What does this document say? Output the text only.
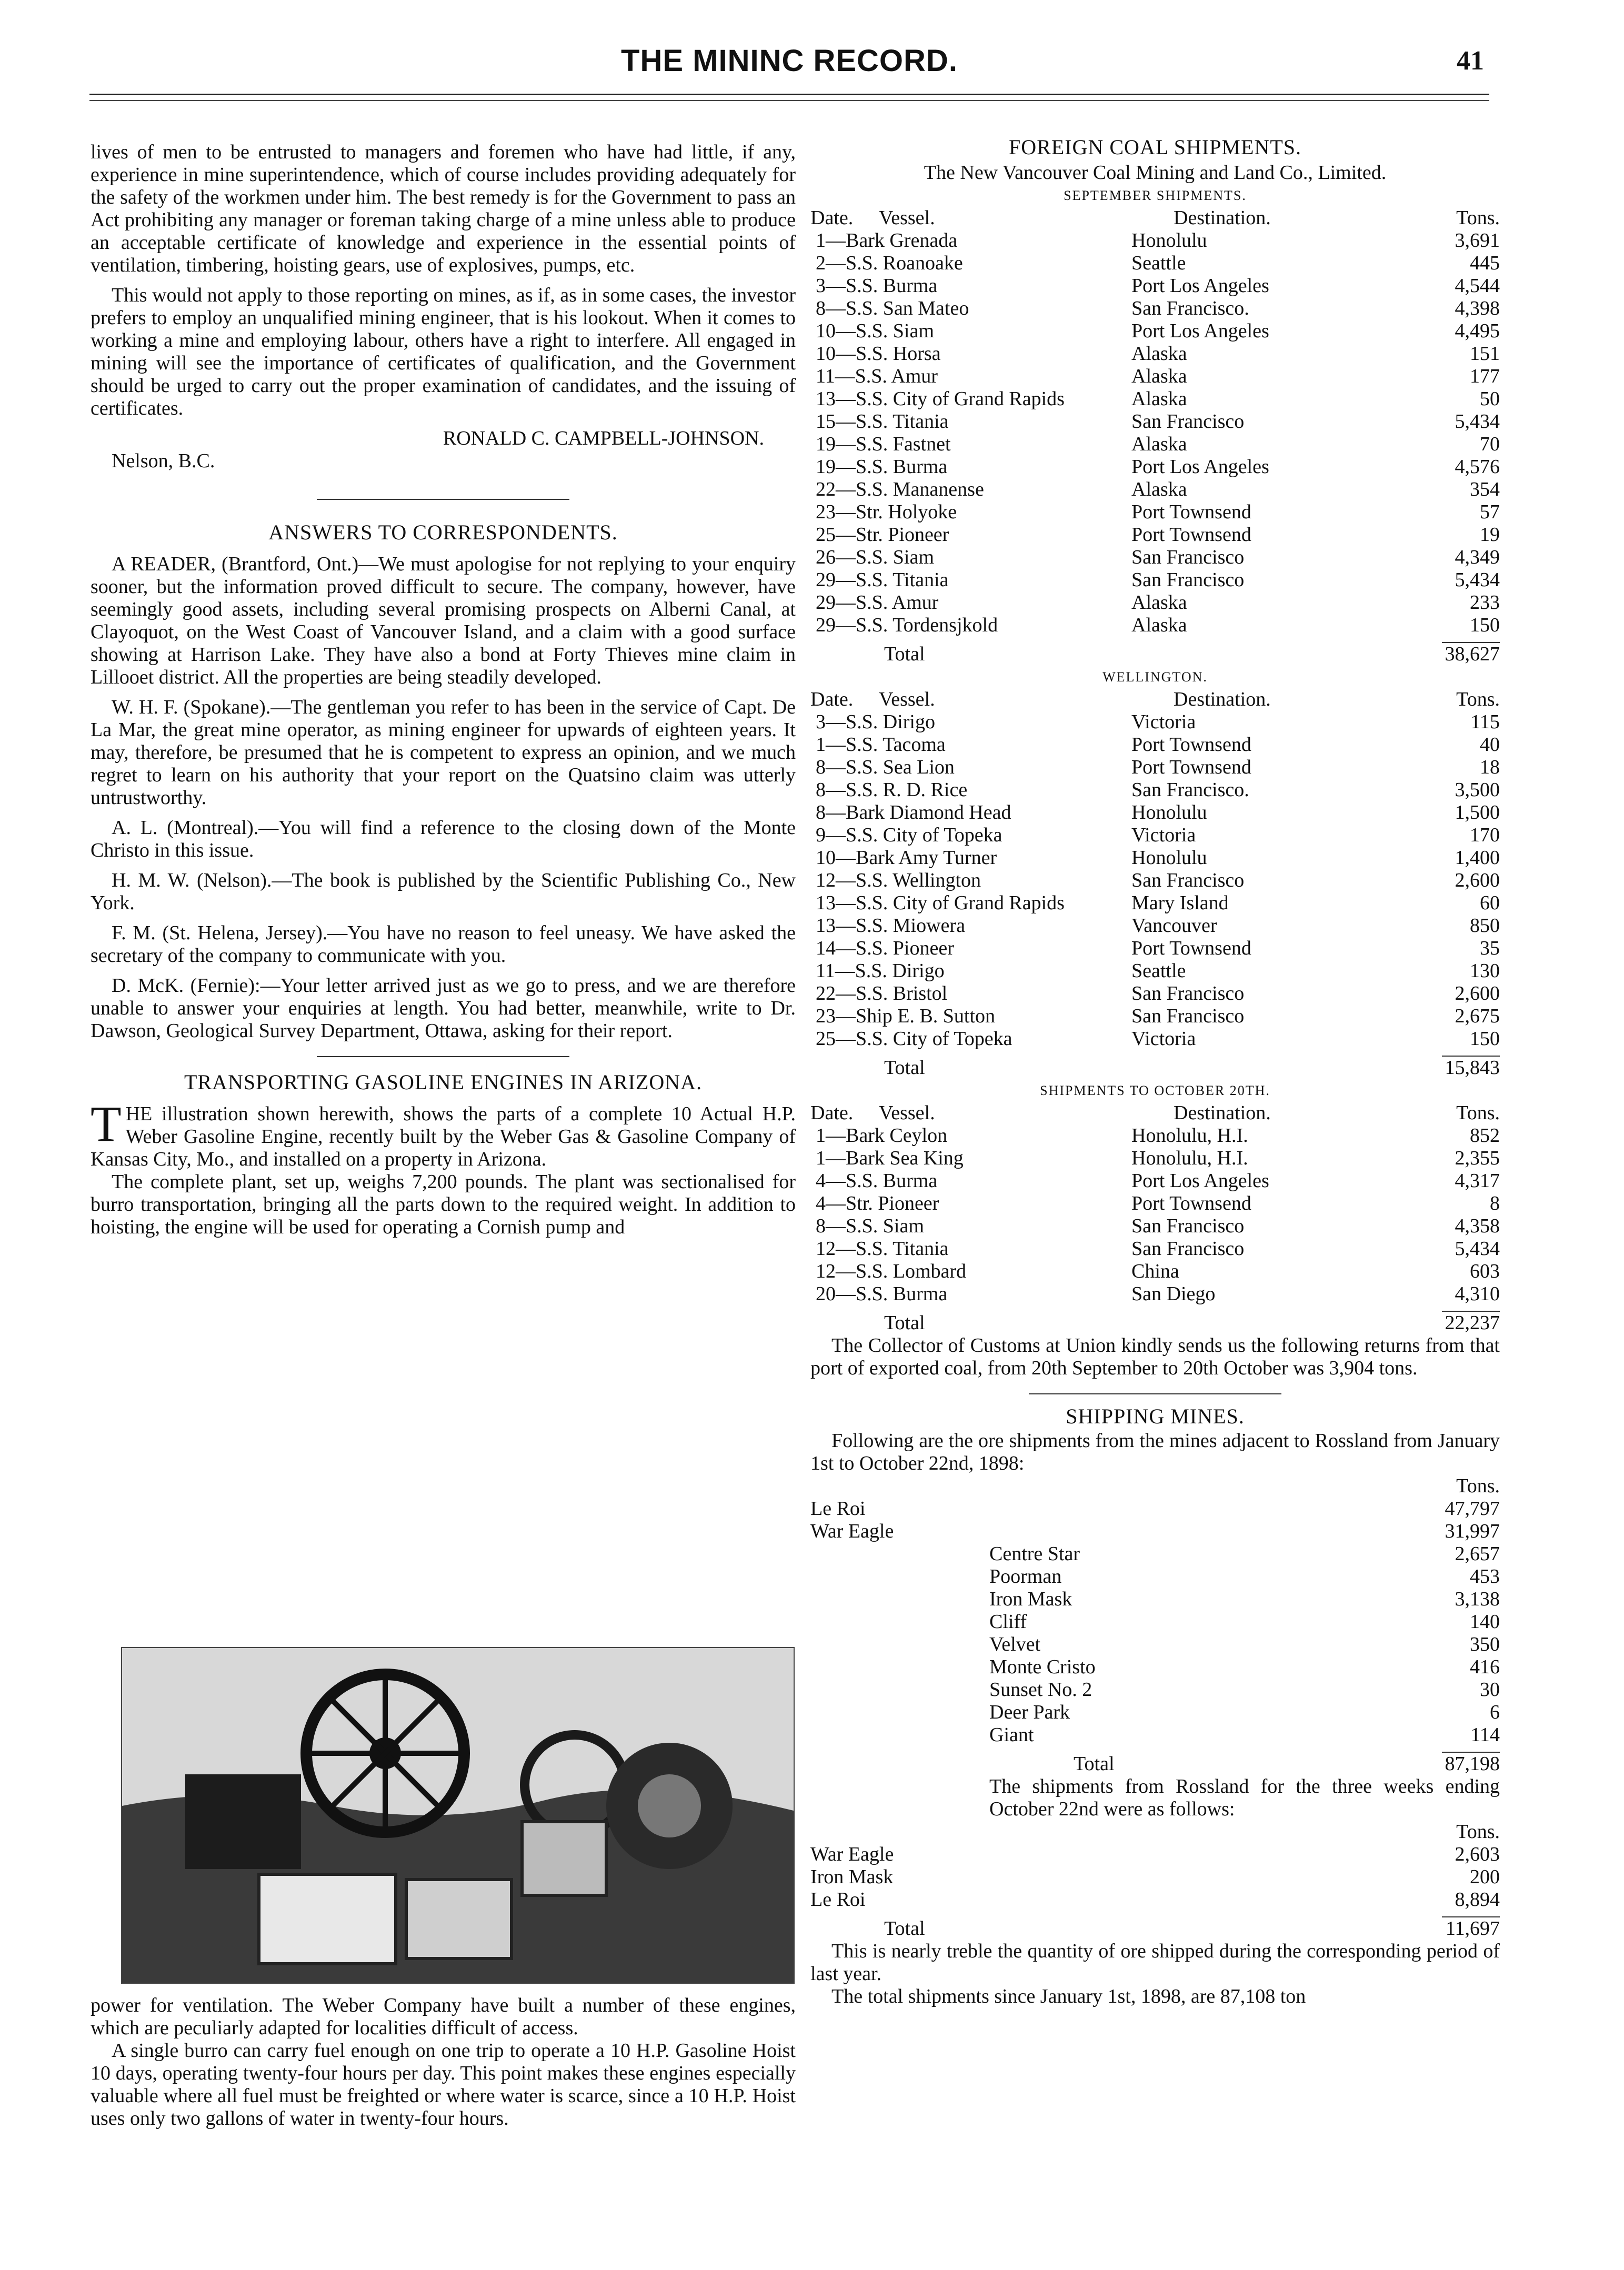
THE MININC RECORD.	41

lives of men to be entrusted to managers and foremen who have had little, if any, experience in mine superintendence, which of course includes providing adequately for the safety of the workmen under him. The best remedy is for the Government to pass an Act prohibiting any manager or foreman taking charge of a mine unless able to produce an acceptable certificate of knowledge and experience in the essential points of ventilation, timbering, hoisting gears, use of explosives, pumps, etc.

This would not apply to those reporting on mines, as if, as in some cases, the investor prefers to employ an unqualified mining engineer, that is his lookout. When it comes to working a mine and employing labour, others have a right to interfere. All engaged in mining will see the importance of certificates of qualification, and the Government should be urged to carry out the proper examination of candidates, and the issuing of certificates.

RONALD C. CAMPBELL-JOHNSON.

Nelson, B.C.

ANSWERS TO CORRESPONDENTS.

A READER, (Brantford, Ont.)—We must apologise for not replying to your enquiry sooner, but the information proved difficult to secure. The company, however, have seemingly good assets, including several promising prospects on Alberni Canal, at Clayoquot, on the West Coast of Vancouver Island, and a claim with a good surface showing at Harrison Lake. They have also a bond at Forty Thieves mine claim in Lillooet district. All the properties are being steadily developed.

W. H. F. (Spokane).—The gentleman you refer to has been in the service of Capt. De La Mar, the great mine operator, as mining engineer for upwards of eighteen years. It may, therefore, be presumed that he is competent to express an opinion, and we much regret to learn on his authority that your report on the Quatsino claim was utterly untrustworthy.

A. L. (Montreal).—You will find a reference to the closing down of the Monte Christo in this issue.

H. M. W. (Nelson).—The book is published by the Scientific Publishing Co., New York.

F. M. (St. Helena, Jersey).—You have no reason to feel uneasy. We have asked the secretary of the company to communicate with you.

D. McK. (Fernie):—Your letter arrived just as we go to press, and we are therefore unable to answer your enquiries at length. You had better, meanwhile, write to Dr. Dawson, Geological Survey Department, Ottawa, asking for their report.

TRANSPORTING GASOLINE ENGINES IN ARIZONA.

THE illustration shown herewith, shows the parts of a complete 10 Actual H.P. Weber Gasoline Engine, recently built by the Weber Gas & Gasoline Company of Kansas City, Mo., and installed on a property in Arizona.

The complete plant, set up, weighs 7,200 pounds. The plant was sectionalised for burro transportation, bringing all the parts down to the required weight. In addition to hoisting, the engine will be used for operating a Cornish pump and

power for ventilation. The Weber Company have built a number of these engines, which are peculiarly adapted for localities difficult of access.

A single burro can carry fuel enough on one trip to operate a 10 H.P. Gasoline Hoist 10 days, operating twenty-four hours per day. This point makes these engines especially valuable where all fuel must be freighted or where water is scarce, since a 10 H.P. Hoist uses only two gallons of water in twenty-four hours.

FOREIGN COAL SHIPMENTS.

The New Vancouver Coal Mining and Land Co., Limited.

SEPTEMBER SHIPMENTS.
Date.	Vessel.	Destination.	Tons.
1—Bark Grenada		Honolulu	3,691
2—S.S. Roanoake		Seattle	445
3—S.S. Burma		Port Los Angeles	4,544
8—S.S. San Mateo		San Francisco.	4,398
10—S.S. Siam		Port Los Angeles	4,495
10—S.S. Horsa		Alaska	151
11—S.S. Amur		Alaska	177
13—S.S. City of Grand Rapids		Alaska	50
15—S.S. Titania		San Francisco	5,434
19—S.S. Fastnet		Alaska	70
19—S.S. Burma		Port Los Angeles	4,576
22—S.S. Mananense		Alaska	354
23—Str. Holyoke		Port Townsend	57
25—Str. Pioneer		Port Townsend	19
26—S.S. Siam		San Francisco	4,349
29—S.S. Titania		San Francisco	5,434
29—S.S. Amur		Alaska	233
29—S.S. Tordensjkold		Alaska	150
Total	38,627
WELLINGTON.
Date.	Vessel.	Destination.	Tons.
3—S.S. Dirigo		Victoria	115
1—S.S. Tacoma		Port Townsend	40
8—S.S. Sea Lion		Port Townsend	18
8—S.S. R. D. Rice		San Francisco.	3,500
8—Bark Diamond Head		Honolulu	1,500
9—S.S. City of Topeka		Victoria	170
10—Bark Amy Turner		Honolulu	1,400
12—S.S. Wellington		San Francisco	2,600
13—S.S. City of Grand Rapids		Mary Island	60
13—S.S. Miowera		Vancouver	850
14—S.S. Pioneer		Port Townsend	35
11—S.S. Dirigo		Seattle	130
22—S.S. Bristol		San Francisco	2,600
23—Ship E. B. Sutton		San Francisco	2,675
25—S.S. City of Topeka		Victoria	150
Total	15,843
SHIPMENTS TO OCTOBER 20TH.
Date.	Vessel.	Destination.	Tons.
1—Bark Ceylon		Honolulu, H.I.	852
1—Bark Sea King		Honolulu, H.I.	2,355
4—S.S. Burma		Port Los Angeles	4,317
4—Str. Pioneer		Port Townsend	8
8—S.S. Siam		San Francisco	4,358
12—S.S. Titania		San Francisco	5,434
12—S.S. Lombard		China	603
20—S.S. Burma		San Diego	4,310
Total	22,237

The Collector of Customs at Union kindly sends us the following returns from that port of exported coal, from 20th September to 20th October was 3,904 tons.

SHIPPING MINES.

Following are the ore shipments from the mines adjacent to Rossland from January 1st to October 22nd, 1898:

	Tons.
Le Roi	47,797
War Eagle	31,997
Centre Star	2,657
Poorman	453
Iron Mask	3,138
Cliff	140
Velvet	350
Monte Cristo	416
Sunset No. 2	30
Deer Park	6
Giant	114
Total	87,198

The shipments from Rossland for the three weeks ending October 22nd were as follows:

	Tons.
War Eagle	2,603
Iron Mask	200
Le Roi	8,894
Total	11,697

This is nearly treble the quantity of ore shipped during the corresponding period of last year.

The total shipments since January 1st, 1898, are 87,108 ton
